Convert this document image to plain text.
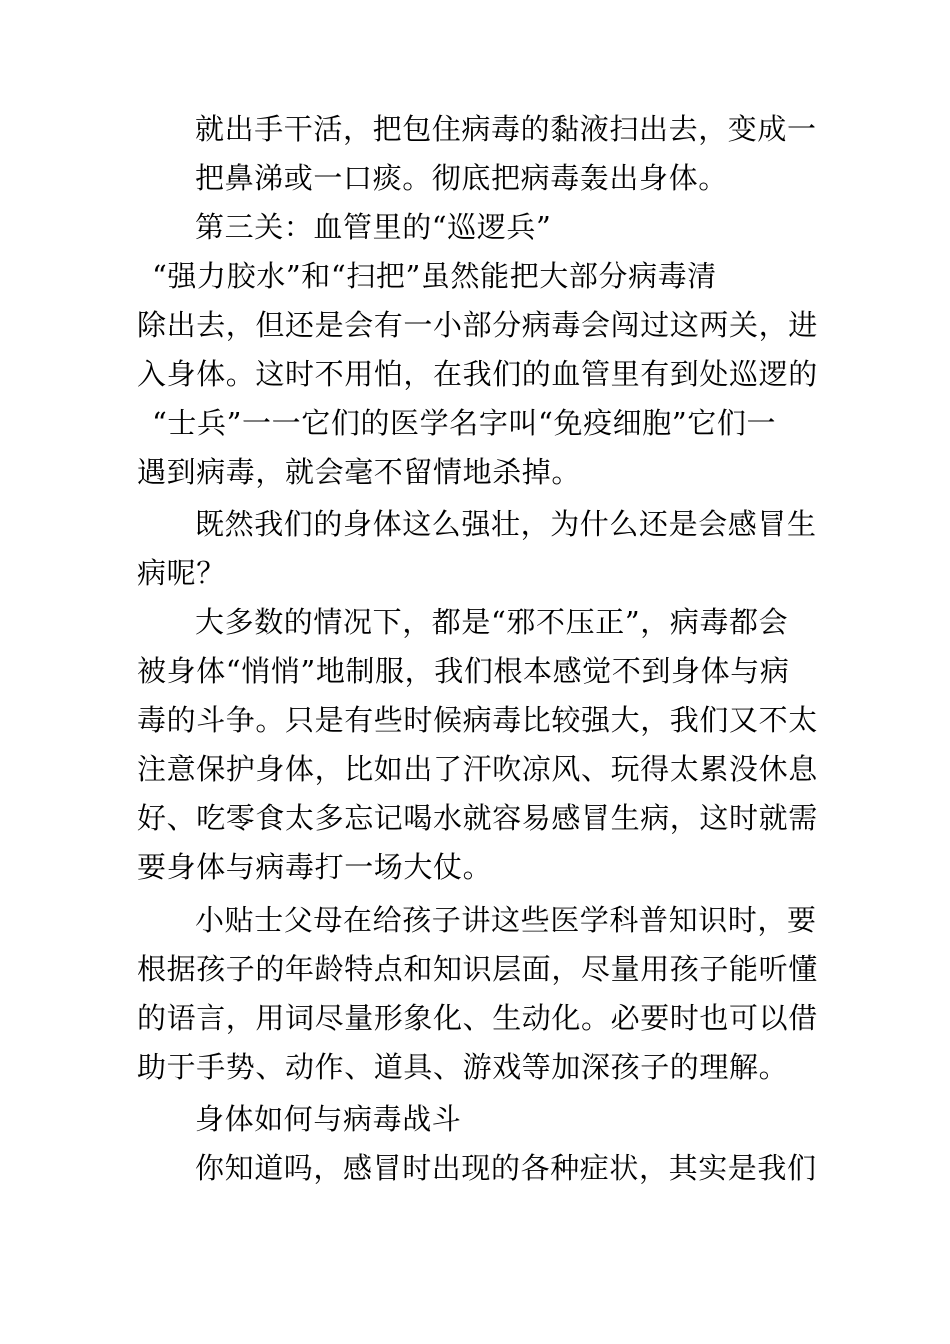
就出手干活，把包住病毒的黏液扫出去，变成一
把鼻涕或一口痰。彻底把病毒轰出身体。
第三关：血管里的“巡逻兵”
“强力胶水”和“扫把”虽然能把大部分病毒清
除出去，但还是会有一小部分病毒会闯过这两关，进
入身体。这时不用怕，在我们的血管里有到处巡逻的
“士兵”一一它们的医学名字叫“免疫细胞”它们一
遇到病毒，就会毫不留情地杀掉。
既然我们的身体这么强壮，为什么还是会感冒生
病呢？
大多数的情况下，都是“邪不压正”，病毒都会
被身体“悄悄”地制服，我们根本感觉不到身体与病
毒的斗争。只是有些时候病毒比较强大，我们又不太
注意保护身体，比如出了汗吹凉风、玩得太累没休息
好、吃零食太多忘记喝水就容易感冒生病，这时就需
要身体与病毒打一场大仗。
小贴士父母在给孩子讲这些医学科普知识时，要
根据孩子的年龄特点和知识层面，尽量用孩子能听懂
的语言，用词尽量形象化、生动化。必要时也可以借
助于手势、动作、道具、游戏等加深孩子的理解。
身体如何与病毒战斗
你知道吗，感冒时出现的各种症状，其实是我们
